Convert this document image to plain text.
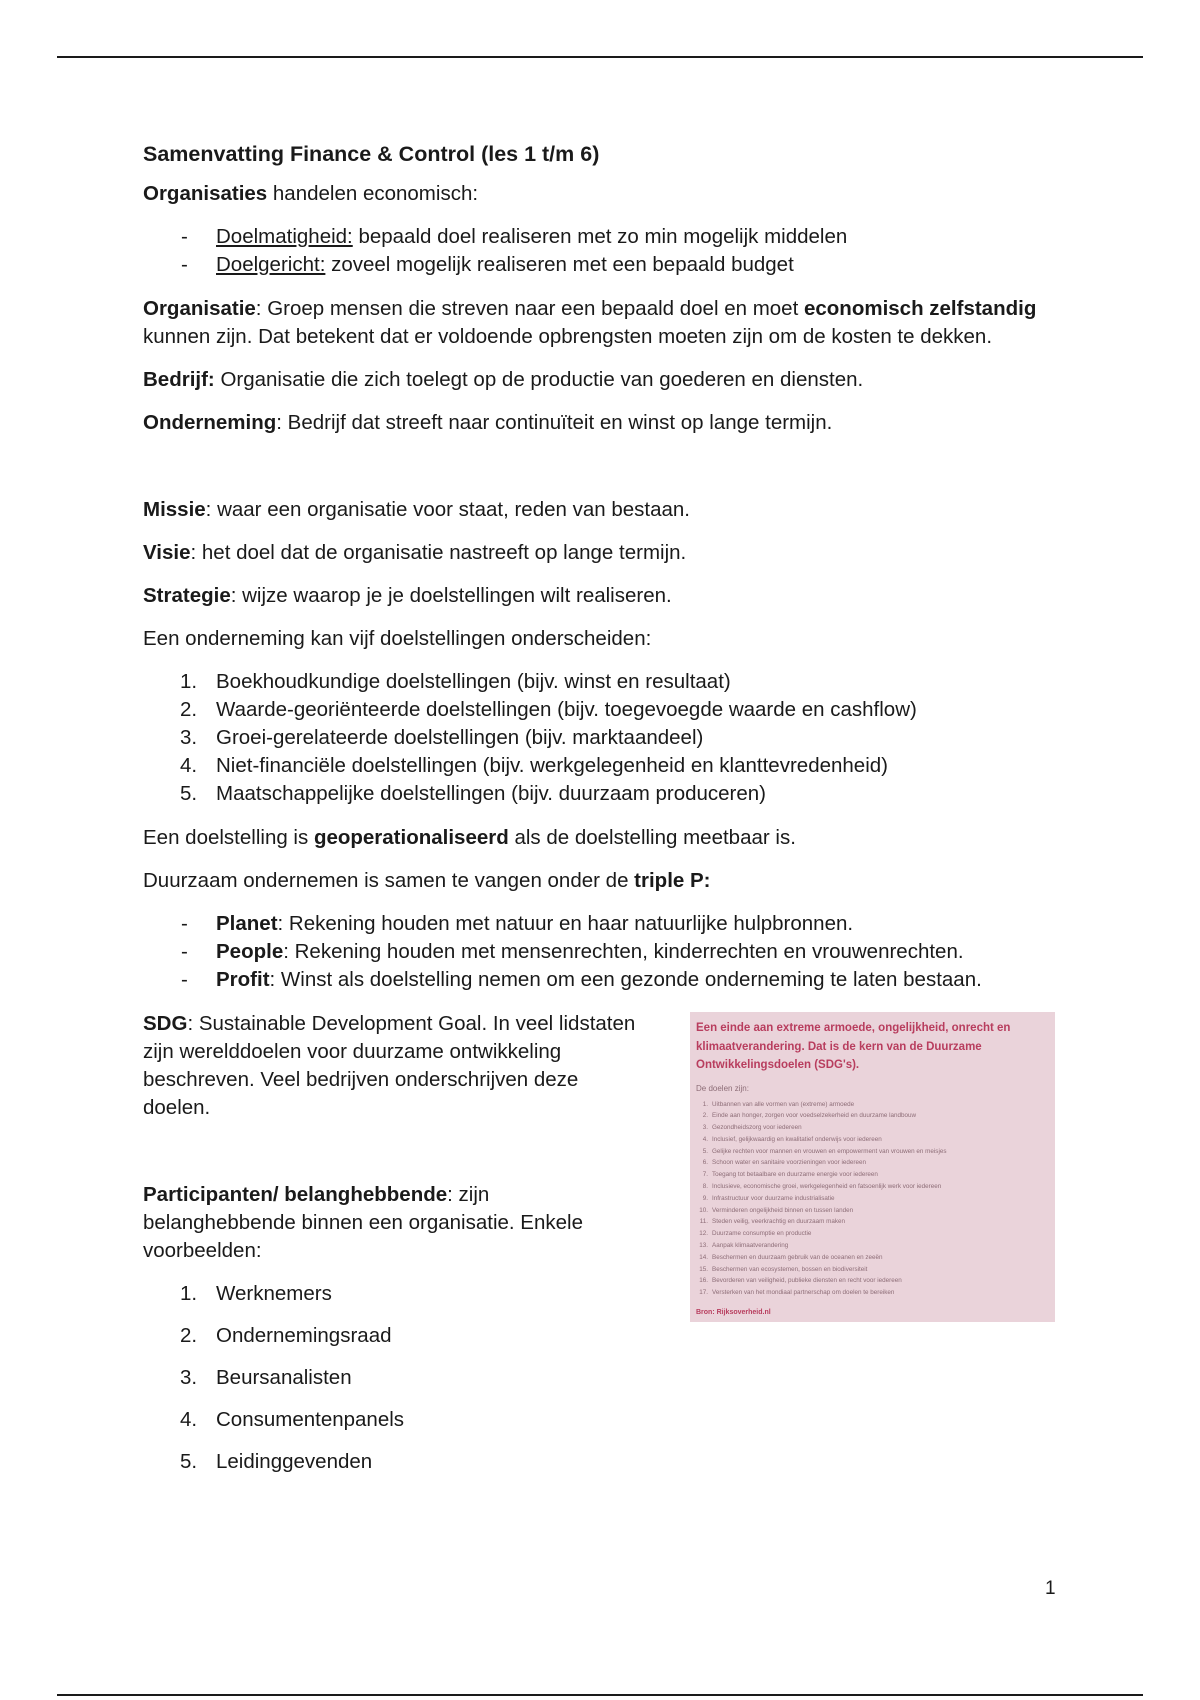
Samenvatting Finance & Control (les 1 t/m 6)

Organisaties handelen economisch:

- Doelmatigheid: bepaald doel realiseren met zo min mogelijk middelen
- Doelgericht: zoveel mogelijk realiseren met een bepaald budget

Organisatie: Groep mensen die streven naar een bepaald doel en moet economisch zelfstandig kunnen zijn. Dat betekent dat er voldoende opbrengsten moeten zijn om de kosten te dekken.

Bedrijf: Organisatie die zich toelegt op de productie van goederen en diensten.

Onderneming: Bedrijf dat streeft naar continuïteit en winst op lange termijn.

Missie: waar een organisatie voor staat, reden van bestaan.

Visie: het doel dat de organisatie nastreeft op lange termijn.

Strategie: wijze waarop je je doelstellingen wilt realiseren.

Een onderneming kan vijf doelstellingen onderscheiden:

1. Boekhoudkundige doelstellingen (bijv. winst en resultaat)
2. Waarde-georiënteerde doelstellingen (bijv. toegevoegde waarde en cashflow)
3. Groei-gerelateerde doelstellingen (bijv. marktaandeel)
4. Niet-financiële doelstellingen (bijv. werkgelegenheid en klanttevredenheid)
5. Maatschappelijke doelstellingen (bijv. duurzaam produceren)

Een doelstelling is geoperationaliseerd als de doelstelling meetbaar is.

Duurzaam ondernemen is samen te vangen onder de triple P:

- Planet: Rekening houden met natuur en haar natuurlijke hulpbronnen.
- People: Rekening houden met mensenrechten, kinderrechten en vrouwenrechten.
- Profit: Winst als doelstelling nemen om een gezonde onderneming te laten bestaan.

SDG: Sustainable Development Goal. In veel lidstaten zijn werelddoelen voor duurzame ontwikkeling beschreven. Veel bedrijven onderschrijven deze doelen.

Participanten/ belanghebbende: zijn belanghebbende binnen een organisatie. Enkele voorbeelden:

1. Werknemers
2. Ondernemingsraad
3. Beursanalisten
4. Consumentenpanels
5. Leidinggevenden
Een einde aan extreme armoede, ongelijkheid, onrecht en klimaatverandering. Dat is de kern van de Duurzame Ontwikkelingsdoelen (SDG's).
De doelen zijn:
1. Uitbannen van alle vormen van (extreme) armoede
2. Einde aan honger, zorgen voor voedselzekerheid en duurzame landbouw
3. Gezondheidszorg voor iedereen
4. Inclusief, gelijkwaardig en kwalitatief onderwijs voor iedereen
5. Gelijke rechten voor mannen en vrouwen en empowerment van vrouwen en meisjes
6. Schoon water en sanitaire voorzieningen voor iedereen
7. Toegang tot betaalbare en duurzame energie voor iedereen
8. Inclusieve, economische groei, werkgelegenheid en fatsoenlijk werk voor iedereen
9. Infrastructuur voor duurzame industrialisatie
10. Verminderen ongelijkheid binnen en tussen landen
11. Steden veilig, veerkrachtig en duurzaam maken
12. Duurzame consumptie en productie
13. Aanpak klimaatverandering
14. Beschermen en duurzaam gebruik van de oceanen en zeeën
15. Beschermen van ecosystemen, bossen en biodiversiteit
16. Bevorderen van veiligheid, publieke diensten en recht voor iedereen
17. Versterken van het mondiaal partnerschap om doelen te bereiken
Bron: Rijksoverheid.nl
1
